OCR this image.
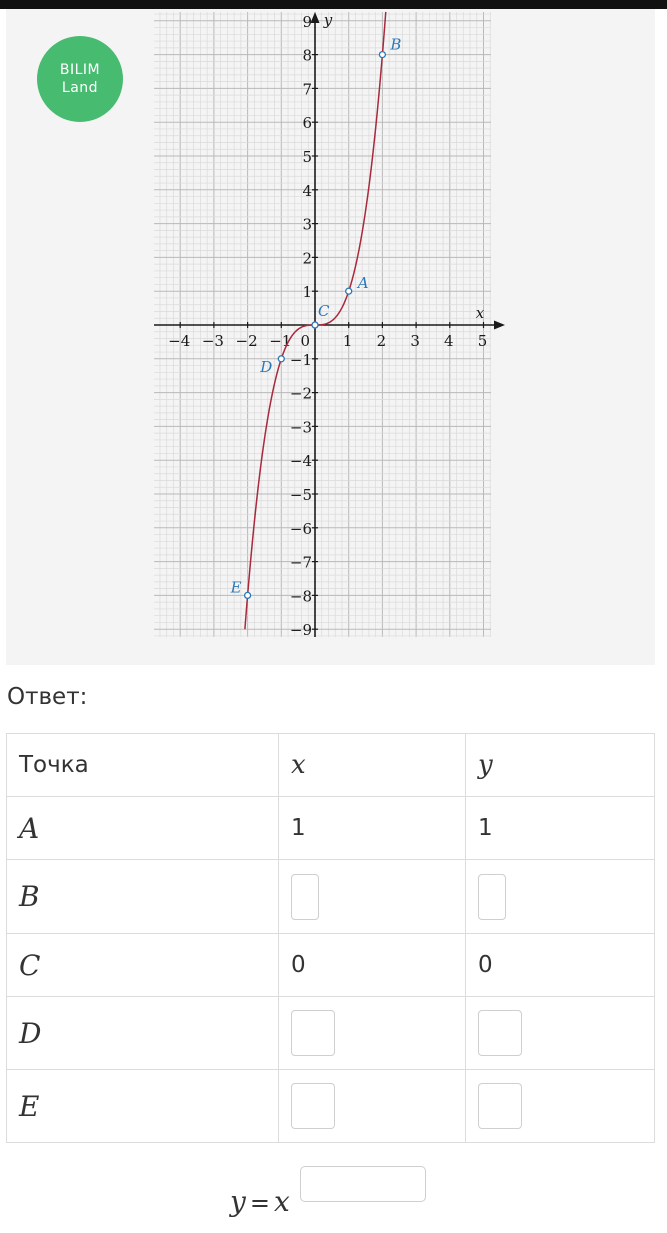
BILIM
Land
−4 −3 −2 −1 0 1 2 3 4 5
9
8
7
6
5
4
3
2
1
−1
−2
−3
−4
−5
−6
−7
−8
−9
x
y
A
B
C
D
E
Ответ:
Точка	x	y
A	1	1
B		
C	0	0
D		
E		
y = x
